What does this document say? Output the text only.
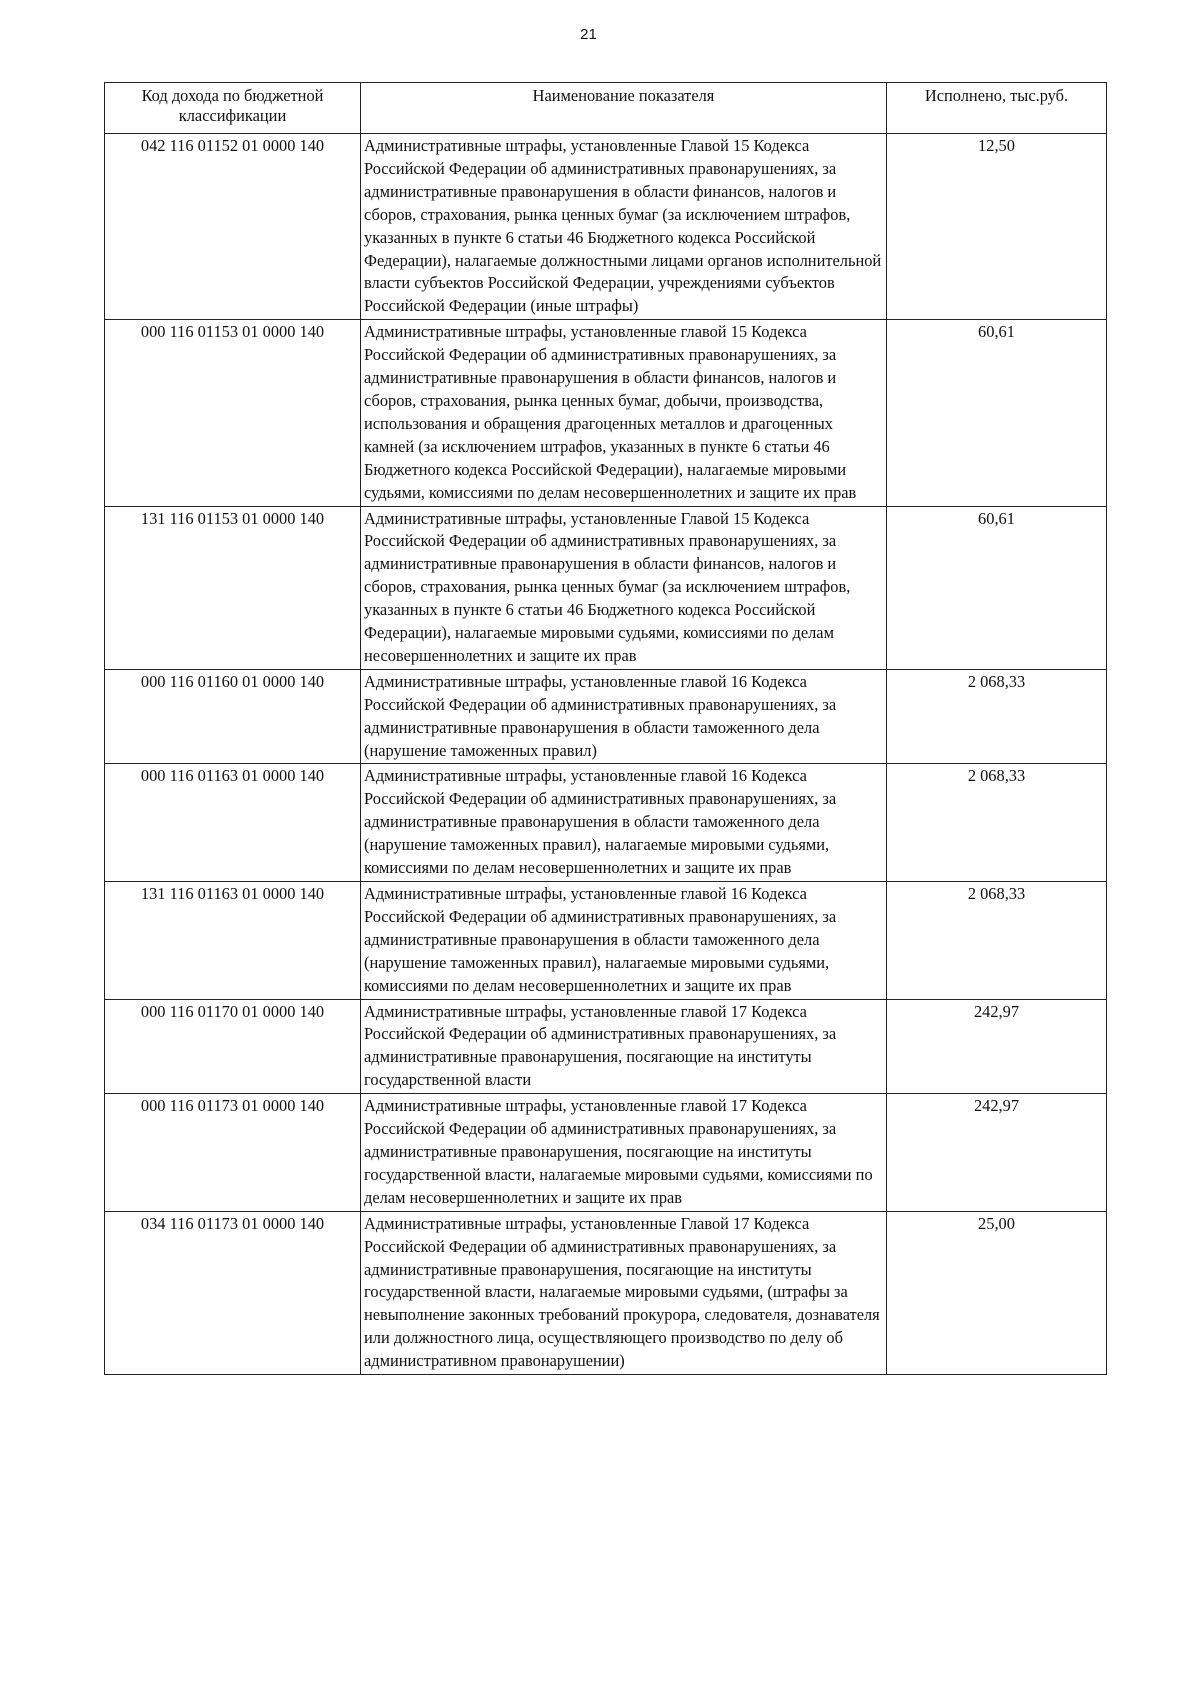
21
Код дохода по бюджетной классификации	Наименование показателя	Исполнено, тыс.руб.
042 116 01152 01 0000 140	Административные штрафы, установленные Главой 15 Кодекса Российской Федерации об административных правонарушениях, за административные правонарушения в области финансов, налогов и сборов, страхования, рынка ценных бумаг (за исключением штрафов, указанных в пункте 6 статьи 46 Бюджетного кодекса Российской Федерации), налагаемые должностными лицами органов исполнительной власти субъектов Российской Федерации, учреждениями субъектов Российской Федерации (иные штрафы)	12,50
000 116 01153 01 0000 140	Административные штрафы, установленные главой 15 Кодекса Российской Федерации об административных правонарушениях, за административные правонарушения в области финансов, налогов и сборов, страхования, рынка ценных бумаг, добычи, производства, использования и обращения драгоценных металлов и драгоценных камней (за исключением штрафов, указанных в пункте 6 статьи 46 Бюджетного кодекса Российской Федерации), налагаемые мировыми судьями, комиссиями по делам несовершеннолетних и защите их прав	60,61
131 116 01153 01 0000 140	Административные штрафы, установленные Главой 15 Кодекса Российской Федерации об административных правонарушениях, за административные правонарушения в области финансов, налогов и сборов, страхования, рынка ценных бумаг (за исключением штрафов, указанных в пункте 6 статьи 46 Бюджетного кодекса Российской Федерации), налагаемые мировыми судьями, комиссиями по делам несовершеннолетних и защите их прав	60,61
000 116 01160 01 0000 140	Административные штрафы, установленные главой 16 Кодекса Российской Федерации об административных правонарушениях, за административные правонарушения в области таможенного дела (нарушение таможенных правил)	2 068,33
000 116 01163 01 0000 140	Административные штрафы, установленные главой 16 Кодекса Российской Федерации об административных правонарушениях, за административные правонарушения в области таможенного дела (нарушение таможенных правил), налагаемые мировыми судьями, комиссиями по делам несовершеннолетних и защите их прав	2 068,33
131 116 01163 01 0000 140	Административные штрафы, установленные главой 16 Кодекса Российской Федерации об административных правонарушениях, за административные правонарушения в области таможенного дела (нарушение таможенных правил), налагаемые мировыми судьями, комиссиями по делам несовершеннолетних и защите их прав	2 068,33
000 116 01170 01 0000 140	Административные штрафы, установленные главой 17 Кодекса Российской Федерации об административных правонарушениях, за административные правонарушения, посягающие на институты государственной власти	242,97
000 116 01173 01 0000 140	Административные штрафы, установленные главой 17 Кодекса Российской Федерации об административных правонарушениях, за административные правонарушения, посягающие на институты государственной власти, налагаемые мировыми судьями, комиссиями по делам несовершеннолетних и защите их прав	242,97
034 116 01173 01 0000 140	Административные штрафы, установленные Главой 17 Кодекса Российской Федерации об административных правонарушениях, за административные правонарушения, посягающие на институты государственной власти, налагаемые мировыми судьями, (штрафы за невыполнение законных требований прокурора, следователя, дознавателя или должностного лица, осуществляющего производство по делу об административном правонарушении)	25,00
